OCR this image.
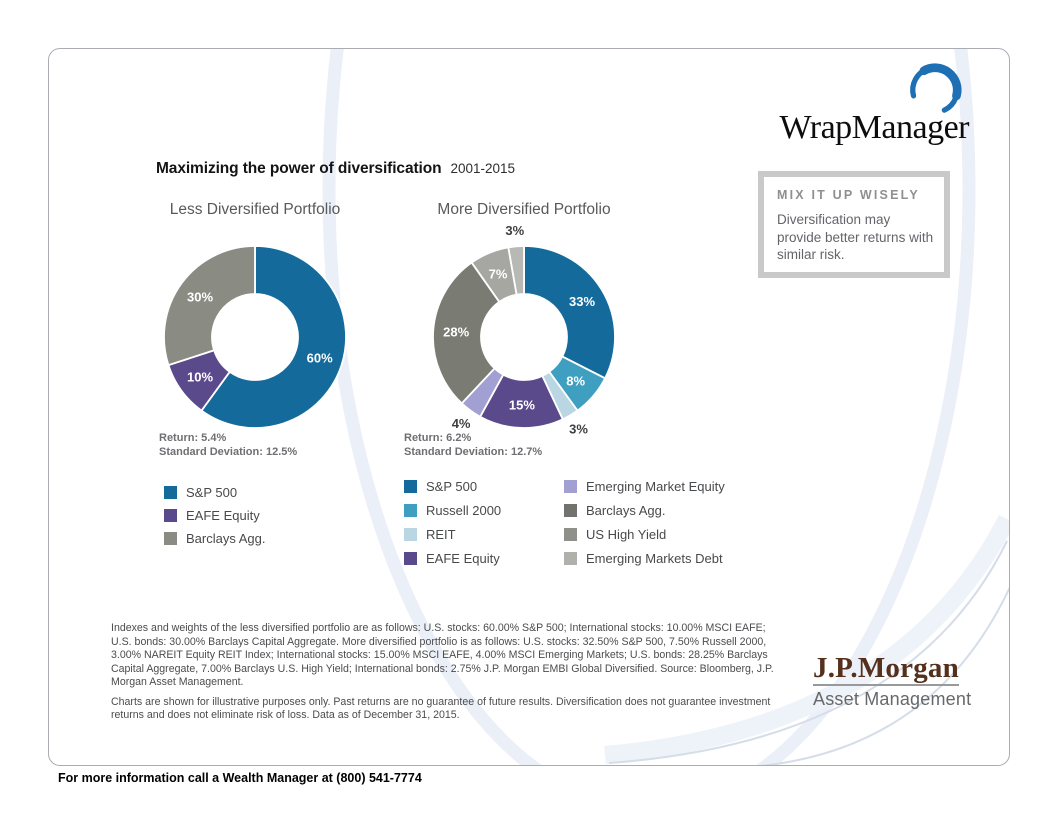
WrapManager
Maximizing the power of diversification 2001-2015
Less Diversified Portfolio
60%
10%
30%
More Diversified Portfolio
33%
8%
3%
15%
4%
28%
7%
3%
Return: 5.4%
Standard Deviation: 12.5%
Return: 6.2%
Standard Deviation: 12.7%
S&P 500
EAFE Equity
Barclays Agg.
S&P 500
Russell 2000
REIT
EAFE Equity
Emerging Market Equity
Barclays Agg.
US High Yield
Emerging Markets Debt
MIX IT UP WISELY
Diversification may provide better returns with similar risk.

Indexes and weights of the less diversified portfolio are as follows: U.S. stocks: 60.00% S&P 500; International stocks: 10.00% MSCI EAFE; U.S. bonds: 30.00% Barclays Capital Aggregate. More diversified portfolio is as follows: U.S. stocks: 32.50% S&P 500, 7.50% Russell 2000, 3.00% NAREIT Equity REIT Index; International stocks: 15.00% MSCI EAFE, 4.00% MSCI Emerging Markets; U.S. bonds: 28.25% Barclays Capital Aggregate, 7.00% Barclays U.S. High Yield; International bonds: 2.75% J.P. Morgan EMBI Global Diversified. Source: Bloomberg, J.P. Morgan Asset Management.

Charts are shown for illustrative purposes only. Past returns are no guarantee of future results. Diversification does not guarantee investment returns and does not eliminate risk of loss. Data as of December 31, 2015.

J.P.Morgan
Asset Management
For more information call a Wealth Manager at (800) 541-7774
